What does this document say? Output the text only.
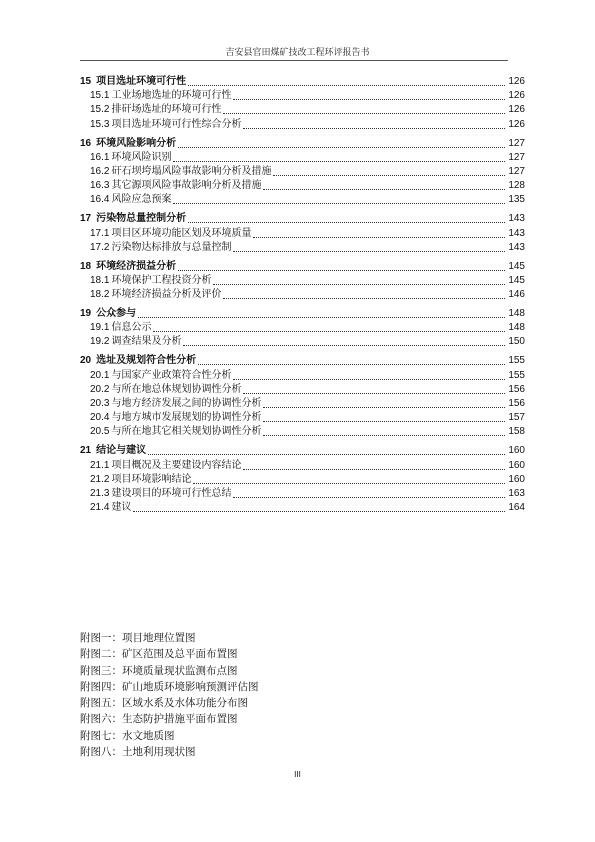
吉安县官田煤矿技改工程环评报告书
15 项目选址环境可行性	126
15.1 工业场地选址的环境可行性	126
15.2 排矸场选址的环境可行性	126
15.3 项目选址环境可行性综合分析	126
16 环境风险影响分析	127
16.1 环境风险识别	127
16.2 矸石坝垮塌风险事故影响分析及措施	127
16.3 其它源项风险事故影响分析及措施	128
16.4 风险应急预案	135
17 污染物总量控制分析	143
17.1 项目区环境功能区划及环境质量	143
17.2 污染物达标排放与总量控制	143
18 环境经济损益分析	145
18.1 环境保护工程投资分析	145
18.2 环境经济损益分析及评价	146
19 公众参与	148
19.1 信息公示	148
19.2 调查结果及分析	150
20 选址及规划符合性分析	155
20.1 与国家产业政策符合性分析	155
20.2 与所在地总体规划协调性分析	156
20.3 与地方经济发展之间的协调性分析	156
20.4 与地方城市发展规划的协调性分析	157
20.5 与所在地其它相关规划协调性分析	158
21 结论与建议	160
21.1 项目概况及主要建设内容结论	160
21.2 项目环境影响结论	160
21.3 建设项目的环境可行性总结	163
21.4 建议	164
附图一：项目地理位置图
附图二：矿区范围及总平面布置图
附图三：环境质量现状监测布点图
附图四：矿山地质环境影响预测评估图
附图五：区域水系及水体功能分布图
附图六：生态防护措施平面布置图
附图七：水文地质图
附图八：土地利用现状图
III
